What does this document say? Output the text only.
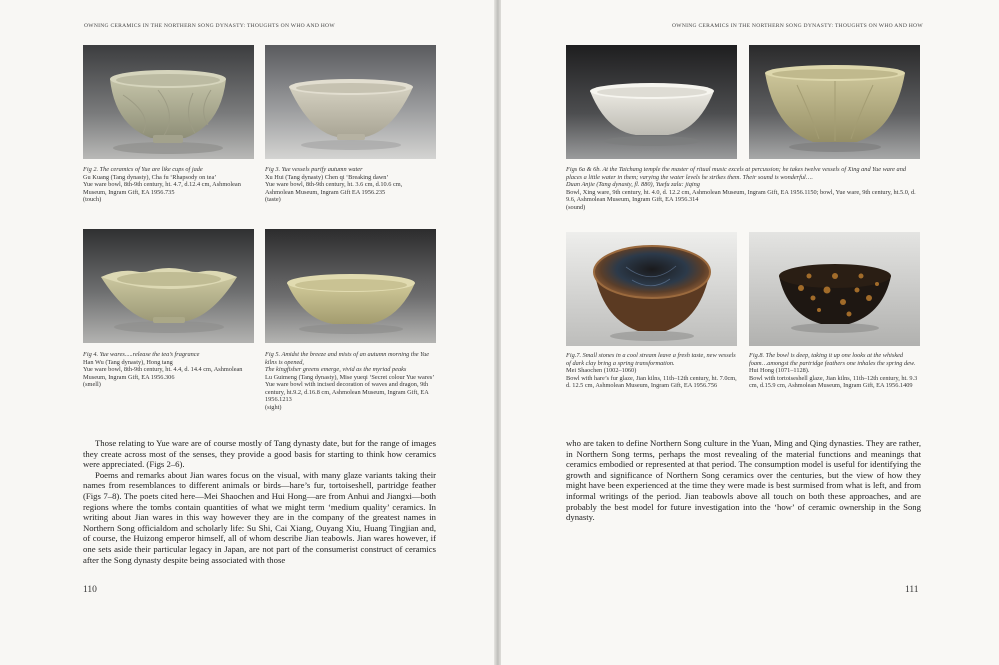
OWNING CERAMICS IN THE NORTHERN SONG DYNASTY: THOUGHTS ON WHO AND HOW
Fig 2. The ceramics of Yue are like cups of jade
Gu Kuang (Tang dynasty), Cha fu ‘Rhapsody on tea’
Yue ware bowl, 8th-9th century, ht. 4.7, d.12.4 cm, Ashmolean
Museum, Ingram Gift, EA 1956.735
(touch)
Fig 3. Yue vessels purify autumn water
Xu Hui (Tang dynasty) Chen qi ‘Breaking dawn’
Yue ware bowl, 8th-9th century, ht. 3.6 cm, d.10.6 cm,
Ashmolean Museum, Ingram Gift EA 1956.235
(taste)
Fig 4. Yue wares.....release the tea’s fragrance
Han Wu (Tang dynasty), Hong tang
Yue ware bowl, 8th-9th century, ht. 4.4, d. 14.4 cm, Ashmolean
Museum, Ingram Gift, EA 1956.306
(smell)
Fig 5. Amidst the breeze and mists of an autumn morning the Yue kilns is opened,
The kingfisher greens emerge, vivid as the myriad peaks
Lu Guimeng (Tang dynasty), Mise yueqi ‘Secret colour Yue wares’
Yue ware bowl with incised decoration of waves and dragon, 9th century, ht.9.2, d.16.8 cm, Ashmolean Museum, Ingram Gift, EA 1956.1213
(sight)

Those relating to Yue ware are of course mostly of Tang dynasty date, but for the range of images they create across most of the senses, they provide a good basis for starting to think how ceramics were appreciated. (Figs 2–6).

Poems and remarks about Jian wares focus on the visual, with many glaze variants taking their names from resemblances to different animals or birds—hare’s fur, tortoiseshell, partridge feather (Figs 7–8). The poets cited here—Mei Shaochen and Hui Hong—are from Anhui and Jiangxi—both regions where the tombs contain quantities of what we might term ‘medium quality’ ceramics. In writing about Jian wares in this way however they are in the company of the greatest names in Northern Song officialdom and scholarly life: Su Shi, Cai Xiang, Ouyang Xiu, Huang Tingjian and, of course, the Huizong emperor himself, all of whom describe Jian teabowls. Jian wares however, if one sets aside their particular legacy in Japan, are not part of the consumerist construct of ceramics after the Song dynasty despite being associated with those

110
OWNING CERAMICS IN THE NORTHERN SONG DYNASTY: THOUGHTS ON WHO AND HOW
Figs 6a & 6b. At the Taichang temple the master of ritual music excels at percussion; he takes twelve vessels of Xing and Yue ware and places a little water in them; varying the water levels he strikes them. Their sound is wonderful….
Duan Anjie (Tang dynasty, fl. 880), Yuefu zalu: jiqing
Bowl, Xing ware, 9th century, ht. 4.0, d. 12.2 cm, Ashmolean Museum, Ingram Gift, EA 1956.1150; bowl, Yue ware, 9th century, ht.5.0, d. 9.6, Ashmolean Museum, Ingram Gift, EA 1956.314
(sound)
Fig.7. Small stones in a cool stream leave a fresh taste, new vessels of dark clay bring a spring transformation.
Mei Shaochen (1002–1060)
Bowl with hare’s fur glaze, Jian kilns, 11th–12th century, ht. 7.0cm, d. 12.5 cm, Ashmolean Museum, Ingram Gift, EA 1956.756
Fig.8. The bowl is deep, taking it up one looks at the whisked foam…amongst the partridge feathers one inhales the spring dew.
Hui Hong (1071–1128).
Bowl with tortoiseshell glaze, Jian kilns, 11th–12th century, ht. 9.3 cm, d.15.9 cm, Ashmolean Museum, Ingram Gift, EA 1956.1409

who are taken to define Northern Song culture in the Yuan, Ming and Qing dynasties. They are rather, in Northern Song terms, perhaps the most revealing of the material functions and meanings that ceramics embodied or represented at that period. The consumption model is useful for identifying the growth and significance of Northern Song ceramics over the centuries, but the view of how they might have been experienced at the time they were made is best surmised from what is left, and from informal writings of the period. Jian teabowls above all touch on both these approaches, and are probably the best model for future investigation into the ‘how’ of ceramic ownership in the Song dynasty.

111
